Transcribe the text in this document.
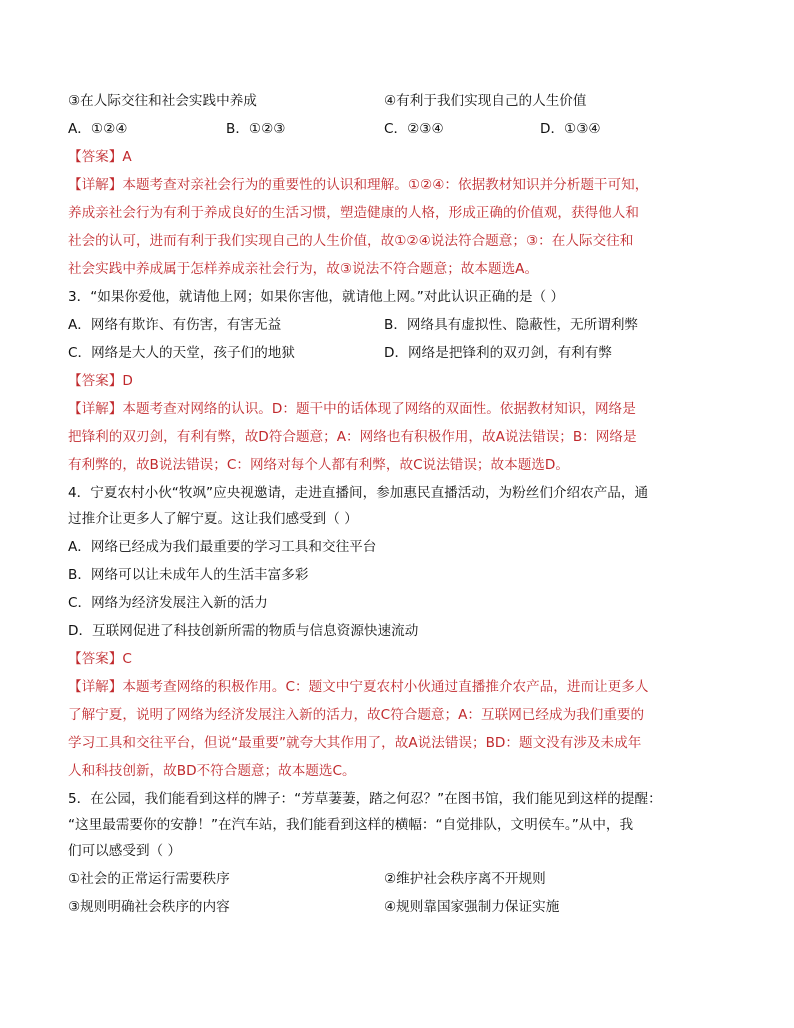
③在人际交往和社会实践中养成	④有利于我们实现自己的人生价值
A．①②④	B．①②③	C．②③④	D．①③④
【答案】A
【详解】本题考查对亲社会行为的重要性的认识和理解。①②④：依据教材知识并分析题干可知，
养成亲社会行为有利于养成良好的生活习惯，塑造健康的人格，形成正确的价值观，获得他人和
社会的认可，进而有利于我们实现自己的人生价值，故①②④说法符合题意；③：在人际交往和
社会实践中养成属于怎样养成亲社会行为，故③说法不符合题意；故本题选A。
3．“如果你爱他，就请他上网；如果你害他，就请他上网。”对此认识正确的是（ ）
A．网络有欺诈、有伤害，有害无益	B．网络具有虚拟性、隐蔽性，无所谓利弊
C．网络是大人的天堂，孩子们的地狱	D．网络是把锋利的双刃剑，有利有弊
【答案】D
【详解】本题考查对网络的认识。D：题干中的话体现了网络的双面性。依据教材知识，网络是
把锋利的双刃剑，有利有弊，故D符合题意；A：网络也有积极作用，故A说法错误；B：网络是
有利弊的，故B说法错误；C：网络对每个人都有利弊，故C说法错误；故本题选D。
4．宁夏农村小伙“牧飒”应央视邀请，走进直播间，参加惠民直播活动，为粉丝们介绍农产品，通
过推介让更多人了解宁夏。这让我们感受到（ ）
A．网络已经成为我们最重要的学习工具和交往平台
B．网络可以让未成年人的生活丰富多彩
C．网络为经济发展注入新的活力
D．互联网促进了科技创新所需的物质与信息资源快速流动
【答案】C
【详解】本题考查网络的积极作用。C：题文中宁夏农村小伙通过直播推介农产品，进而让更多人
了解宁夏，说明了网络为经济发展注入新的活力，故C符合题意；A：互联网已经成为我们重要的
学习工具和交往平台，但说“最重要”就夸大其作用了，故A说法错误；BD：题文没有涉及未成年
人和科技创新，故BD不符合题意；故本题选C。
5．在公园，我们能看到这样的牌子：“芳草萋萋，踏之何忍？”在图书馆，我们能见到这样的提醒：
“这里最需要你的安静！”在汽车站，我们能看到这样的横幅：“自觉排队，文明侯车。”从中，我
们可以感受到（ ）
①社会的正常运行需要秩序	②维护社会秩序离不开规则
③规则明确社会秩序的内容	④规则靠国家强制力保证实施
